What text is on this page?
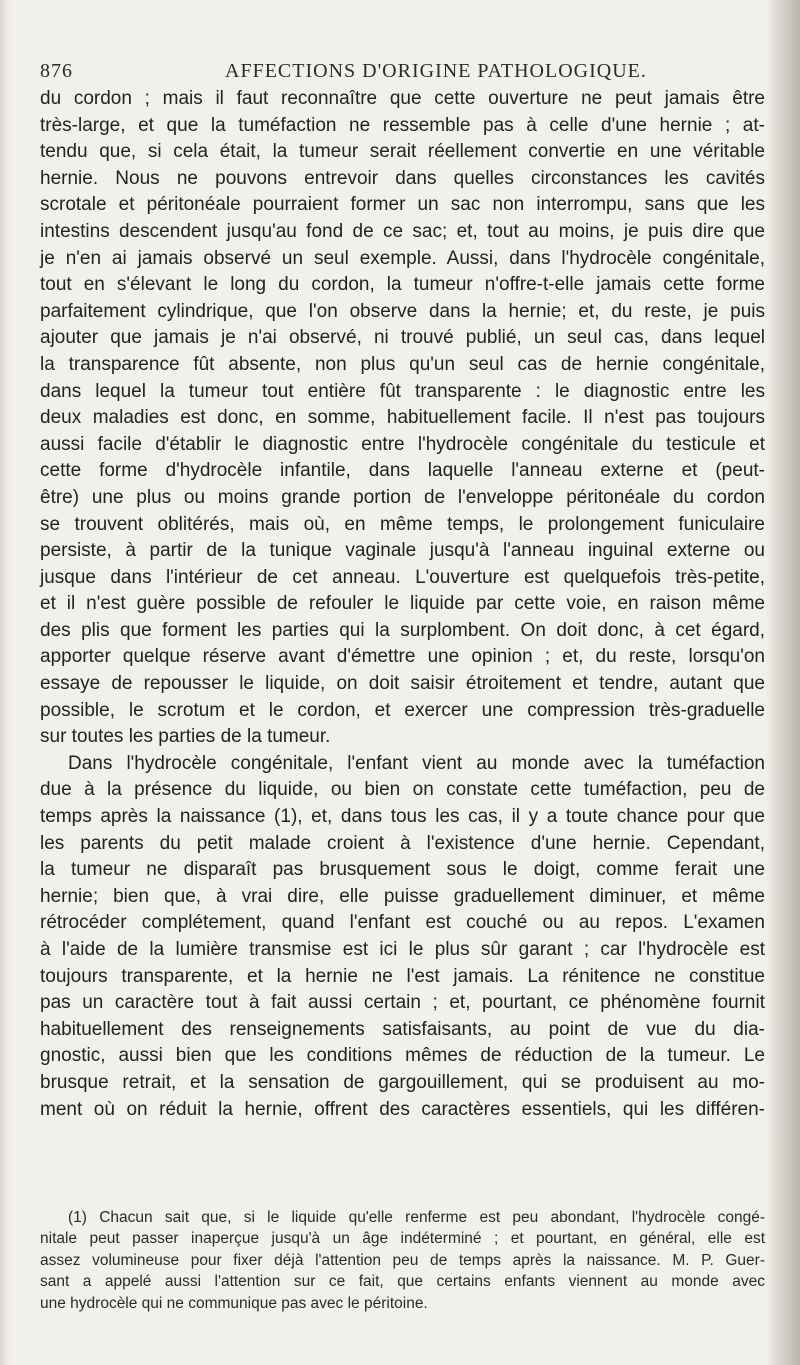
876	AFFECTIONS D'ORIGINE PATHOLOGIQUE.
du cordon ; mais il faut reconnaître que cette ouverture ne peut jamais être
très-large, et que la tuméfaction ne ressemble pas à celle d'une hernie ; at-
tendu que, si cela était, la tumeur serait réellement convertie en une véritable
hernie. Nous ne pouvons entrevoir dans quelles circonstances les cavités
scrotale et péritonéale pourraient former un sac non interrompu, sans que les
intestins descendent jusqu'au fond de ce sac; et, tout au moins, je puis dire que
je n'en ai jamais observé un seul exemple. Aussi, dans l'hydrocèle congénitale,
tout en s'élevant le long du cordon, la tumeur n'offre-t-elle jamais cette forme
parfaitement cylindrique, que l'on observe dans la hernie; et, du reste, je puis
ajouter que jamais je n'ai observé, ni trouvé publié, un seul cas, dans lequel
la transparence fût absente, non plus qu'un seul cas de hernie congénitale,
dans lequel la tumeur tout entière fût transparente : le diagnostic entre les
deux maladies est donc, en somme, habituellement facile. Il n'est pas toujours
aussi facile d'établir le diagnostic entre l'hydrocèle congénitale du testicule et
cette forme d'hydrocèle infantile, dans laquelle l'anneau externe et (peut-
être) une plus ou moins grande portion de l'enveloppe péritonéale du cordon
se trouvent oblitérés, mais où, en même temps, le prolongement funiculaire
persiste, à partir de la tunique vaginale jusqu'à l'anneau inguinal externe ou
jusque dans l'intérieur de cet anneau. L'ouverture est quelquefois très-petite,
et il n'est guère possible de refouler le liquide par cette voie, en raison même
des plis que forment les parties qui la surplombent. On doit donc, à cet égard,
apporter quelque réserve avant d'émettre une opinion ; et, du reste, lorsqu'on
essaye de repousser le liquide, on doit saisir étroitement et tendre, autant que
possible, le scrotum et le cordon, et exercer une compression très-graduelle
sur toutes les parties de la tumeur.
Dans l'hydrocèle congénitale, l'enfant vient au monde avec la tuméfaction
due à la présence du liquide, ou bien on constate cette tuméfaction, peu de
temps après la naissance (1), et, dans tous les cas, il y a toute chance pour que
les parents du petit malade croient à l'existence d'une hernie. Cependant,
la tumeur ne disparaît pas brusquement sous le doigt, comme ferait une
hernie; bien que, à vrai dire, elle puisse graduellement diminuer, et même
rétrocéder complétement, quand l'enfant est couché ou au repos. L'examen
à l'aide de la lumière transmise est ici le plus sûr garant ; car l'hydrocèle est
toujours transparente, et la hernie ne l'est jamais. La rénitence ne constitue
pas un caractère tout à fait aussi certain ; et, pourtant, ce phénomène fournit
habituellement des renseignements satisfaisants, au point de vue du dia-
gnostic, aussi bien que les conditions mêmes de réduction de la tumeur. Le
brusque retrait, et la sensation de gargouillement, qui se produisent au mo-
ment où on réduit la hernie, offrent des caractères essentiels, qui les différen-
(1) Chacun sait que, si le liquide qu'elle renferme est peu abondant, l'hydrocèle congé-
nitale peut passer inaperçue jusqu'à un âge indéterminé ; et pourtant, en général, elle est
assez volumineuse pour fixer déjà l'attention peu de temps après la naissance. M. P. Guer-
sant a appelé aussi l'attention sur ce fait, que certains enfants viennent au monde avec
une hydrocèle qui ne communique pas avec le péritoine.
